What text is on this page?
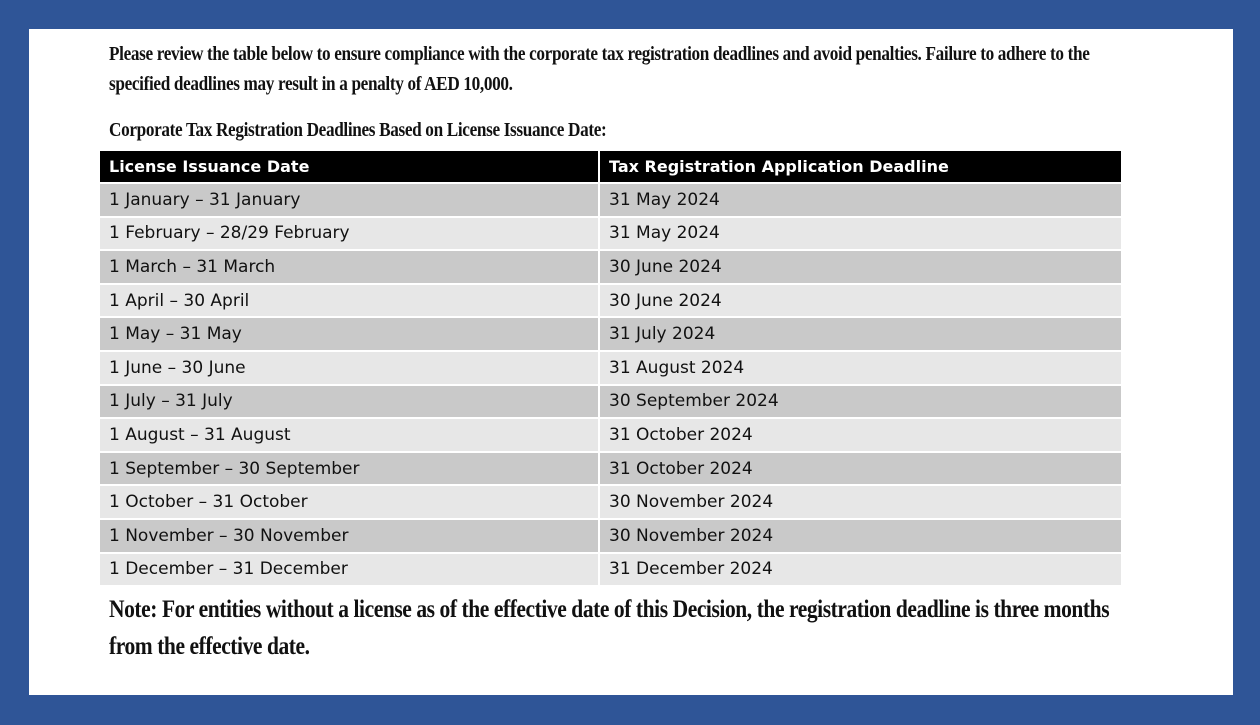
Please review the table below to ensure compliance with the corporate tax registration deadlines and avoid penalties. Failure to adhere to the specified deadlines may result in a penalty of AED 10,000.
Corporate Tax Registration Deadlines Based on License Issuance Date:
License Issuance Date	Tax Registration Application Deadline
1 January – 31 January	31 May 2024
1 February – 28/29 February	31 May 2024
1 March – 31 March	30 June 2024
1 April – 30 April	30 June 2024
1 May – 31 May	31 July 2024
1 June – 30 June	31 August 2024
1 July – 31 July	30 September 2024
1 August – 31 August	31 October 2024
1 September – 30 September	31 October 2024
1 October – 31 October	30 November 2024
1 November – 30 November	30 November 2024
1 December – 31 December	31 December 2024
Note: For entities without a license as of the effective date of this Decision, the registration deadline is three months from the effective date.
